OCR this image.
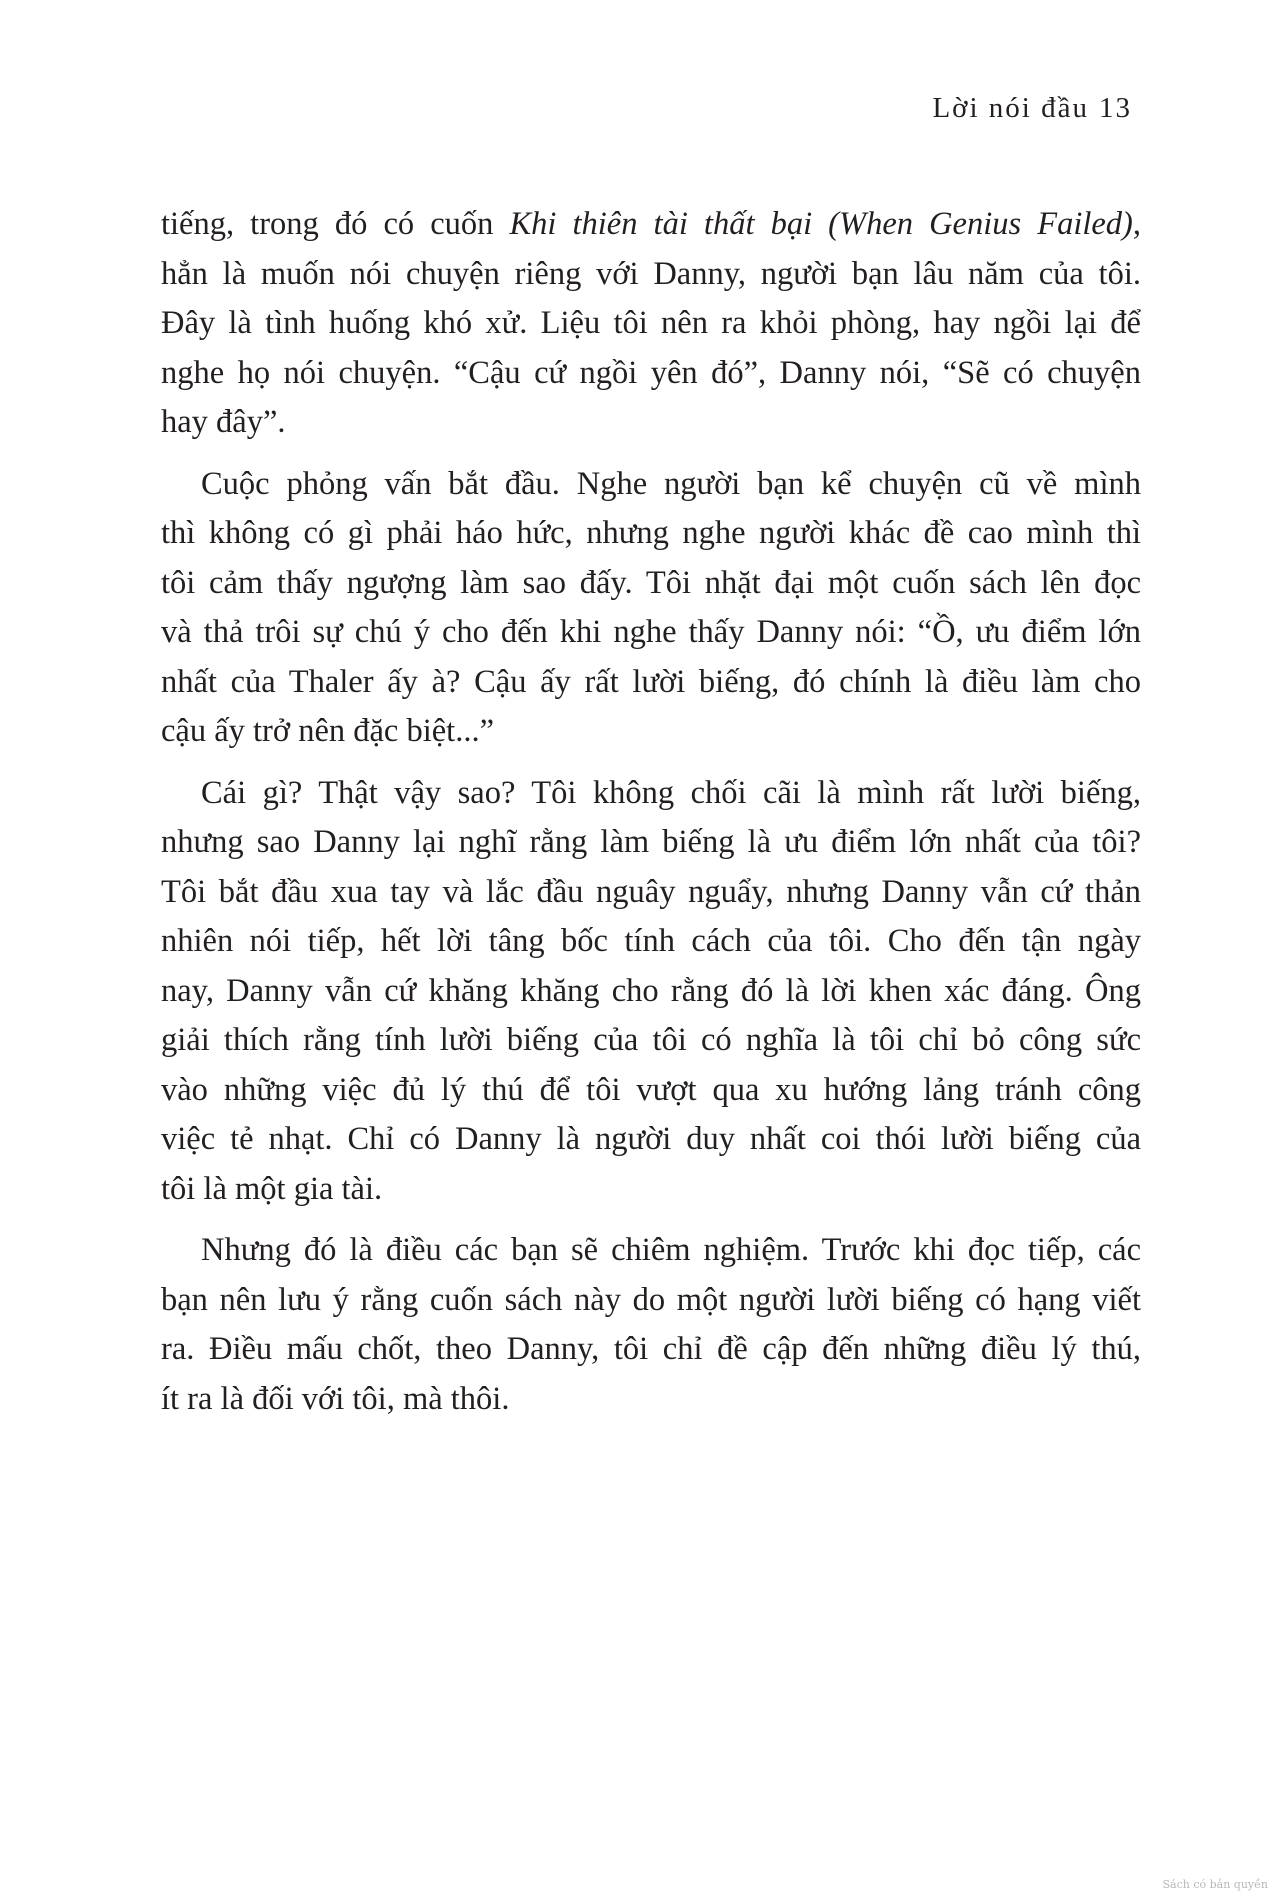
Lời nói đầu 13

tiếng, trong đó có cuốn Khi thiên tài thất bại (When Genius Failed),
hẳn là muốn nói chuyện riêng với Danny, người bạn lâu năm của tôi.
Đây là tình huống khó xử. Liệu tôi nên ra khỏi phòng, hay ngồi lại để
nghe họ nói chuyện. “Cậu cứ ngồi yên đó”, Danny nói, “Sẽ có chuyện
hay đây”.

Cuộc phỏng vấn bắt đầu. Nghe người bạn kể chuyện cũ về mình
thì không có gì phải háo hức, nhưng nghe người khác đề cao mình thì
tôi cảm thấy ngượng làm sao đấy. Tôi nhặt đại một cuốn sách lên đọc
và thả trôi sự chú ý cho đến khi nghe thấy Danny nói: “Ồ, ưu điểm lớn
nhất của Thaler ấy à? Cậu ấy rất lười biếng, đó chính là điều làm cho
cậu ấy trở nên đặc biệt...”

Cái gì? Thật vậy sao? Tôi không chối cãi là mình rất lười biếng,
nhưng sao Danny lại nghĩ rằng làm biếng là ưu điểm lớn nhất của tôi?
Tôi bắt đầu xua tay và lắc đầu nguây nguẩy, nhưng Danny vẫn cứ thản
nhiên nói tiếp, hết lời tâng bốc tính cách của tôi. Cho đến tận ngày
nay, Danny vẫn cứ khăng khăng cho rằng đó là lời khen xác đáng. Ông
giải thích rằng tính lười biếng của tôi có nghĩa là tôi chỉ bỏ công sức
vào những việc đủ lý thú để tôi vượt qua xu hướng lảng tránh công
việc tẻ nhạt. Chỉ có Danny là người duy nhất coi thói lười biếng của
tôi là một gia tài.

Nhưng đó là điều các bạn sẽ chiêm nghiệm. Trước khi đọc tiếp, các
bạn nên lưu ý rằng cuốn sách này do một người lười biếng có hạng viết
ra. Điều mấu chốt, theo Danny, tôi chỉ đề cập đến những điều lý thú,
ít ra là đối với tôi, mà thôi.

Sách có bản quyền
